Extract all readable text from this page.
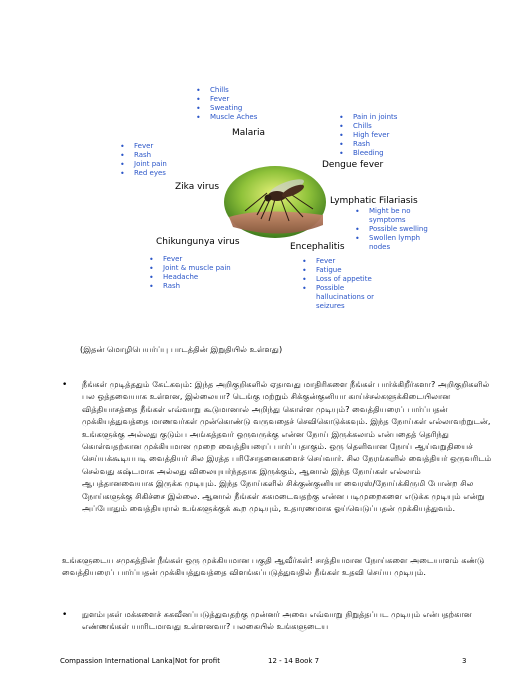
• Chills
• Fever
• Sweating
• Muscle Aches
Malaria
• Pain in joints
• Chills
• High fever
• Rash
• Bleeding
Dengue fever
• Fever
• Rash
• Joint pain
• Red eyes
Zika virus
Lymphatic Filariasis
• Might be no symptoms
• Possible swelling
• Swollen lymph nodes
Chikungunya virus
• Fever
• Joint & muscle pain
• Headache
• Rash
Encephalitis
• Fever
• Fatigue
• Loss of appetite
• Possible hallucinations or seizures
(இதன் மொழிபெயர்ப்பு பாடத்தின் இறுதியில் உள்ளது)
• நீங்கள் முடித்ததும் கேட்கவும்: இந்த அறிகுறிகளில் ஏதாவது மாதிரிகளை நீங்கள் பார்க்கிறீர்களா? அறிகுறிகளில் பல ஒத்தவையாக உள்ளன, இல்லையா? டெங்கு மற்றும் சிக்குன்குனியா காய்ச்சல்களுக்கிடையிலான வித்தியாசத்தை நீங்கள் எவ்வாறு கூடுமானால் அறிந்து கொள்ள முடியும்? வைத்தியரைப் பார்ப்பதன் முக்கியத்துவத்தை மாணவர்கள் முன்கொண்டு வருவதைச் செவிகொடுக்கவும். இந்த நோய்கள் எல்லாவற்றுடன், உங்களுக்கு அல்லது குடும்ப அங்கத்தவர் ஒருவருக்கு என்ன நோய் இருக்கலாம் என்பதைத் தெரிந்து கொள்வதற்கான முக்கியமான முறை வைத்தியரைப் பார்ப்பதாகும். ஒரு தெளிவான நோய் ஆய்வறுதியைச் செய்யக்கூடியபடி வைத்தியர் சில இரத்த பரிசோதனைகளைச் செய்வார். சில நேரங்களில் வைத்தியர் ஒருவரிடம் செல்வது கஷ்டமாக அல்லது விலையுயர்ந்ததாக இருக்கும், ஆனால் இந்த நோய்கள் எல்லாம் ஆபத்தானவையாக இருக்க முடியும். இந்த நோய்களில் சிக்குன்குனியா வைரஸ்/நோய்க்கிருமி போன்ற சில நோய்களுக்கு சிகிச்சை இல்லை. ஆனால் நீங்கள் சுகமடைவதற்கு என்ன படிமுறைகளை எடுக்க முடியும் என்று அப்போதும் வைத்தியரால் உங்களுக்குக் கூற முடியும், உதாரணமாக ஓய்வெடுப்பதன் முக்கியத்துவம்.
உங்களுடைய சமுகத்தின் நீங்கள் ஒரு முக்கியமான பகுதி ஆவீர்கள்! சாத்தியமான நோய்களை அடையாளம் கண்டு வைத்தியரைப் பார்ப்பதன் முக்கியத்துவத்தை விளங்கப்படுத்துவதில் நீங்கள் உதவி செய்ய முடியும்.
• நுளம்புகள் மக்களைச் சுகவீனப்படுத்துவதற்கு முன்னர் அவை எவ்வாறு நிறுத்தப்பட முடியும் என்பதற்கான எண்ணங்கள் யாரிடமாவது உள்ளனவா? பலகையில் உங்களுடைய
Compassion International Lanka|Not for profit	12 - 14 Book 7	3
